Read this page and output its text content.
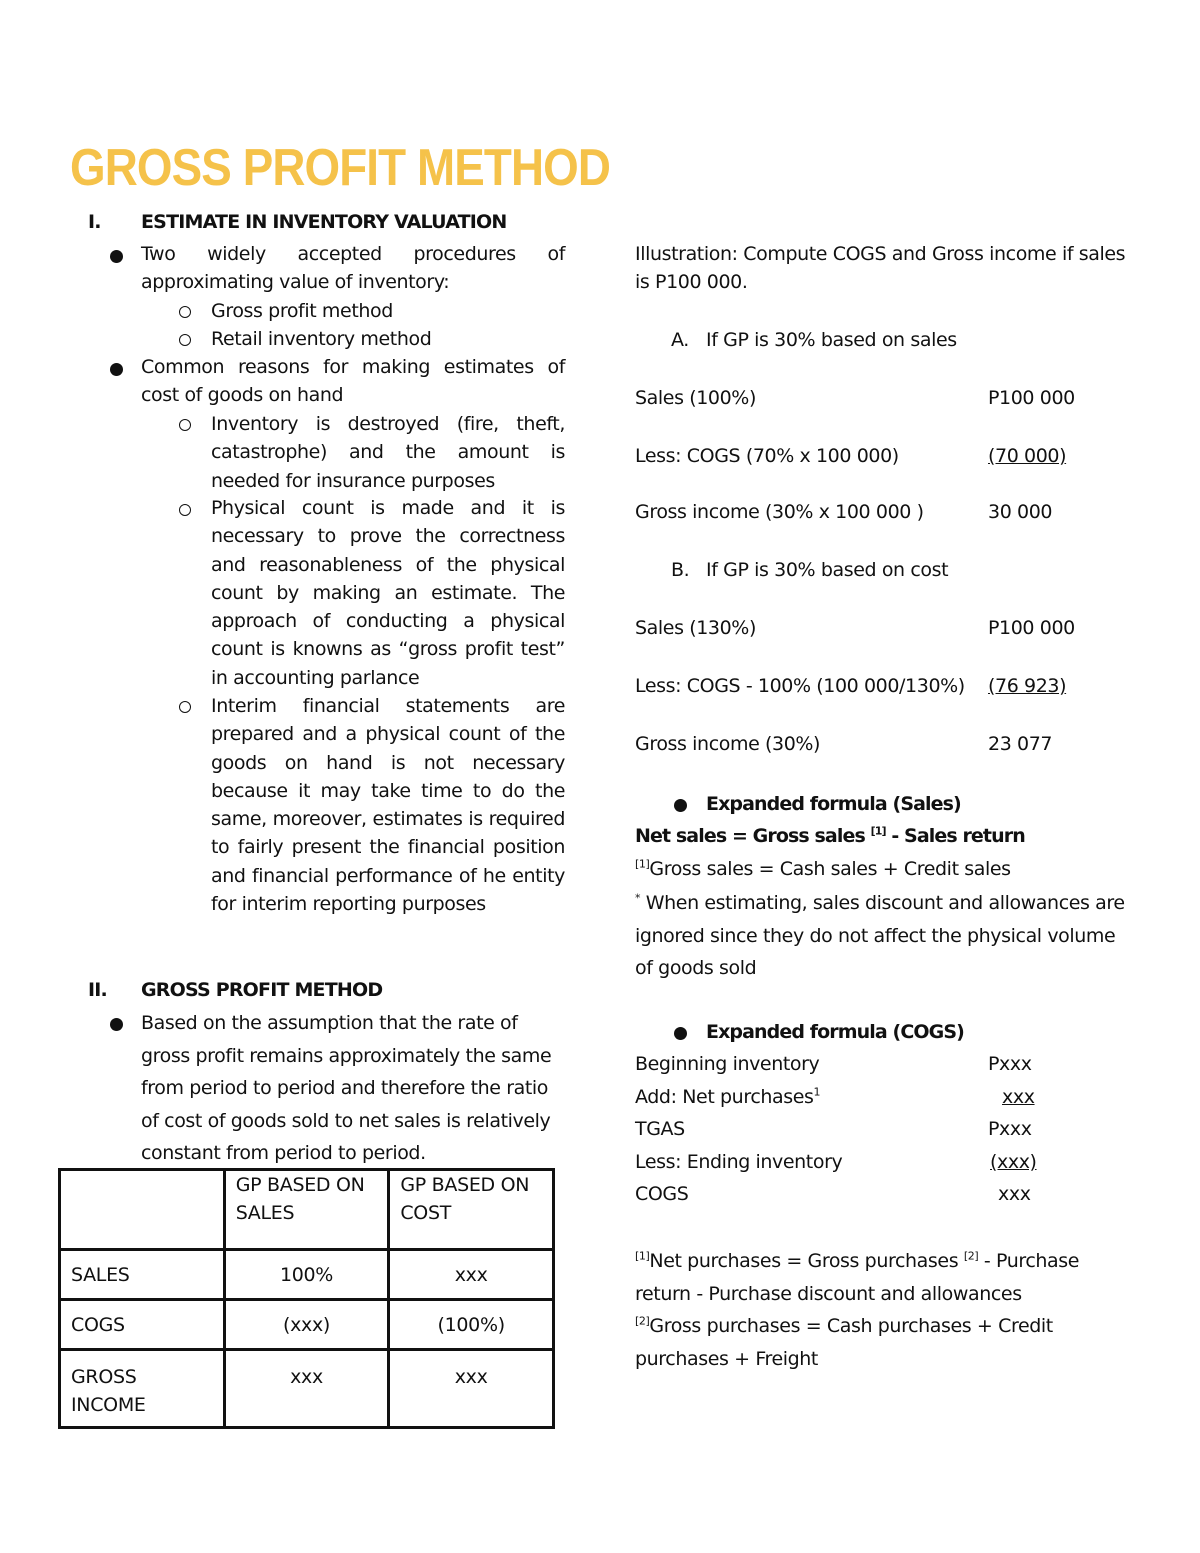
GROSS PROFIT METHOD
I. ESTIMATE IN INVENTORY VALUATION
Two widely accepted procedures of approximating value of inventory:
Gross profit method
Retail inventory method
Common reasons for making estimates of cost of goods on hand
Inventory is destroyed (fire, theft, catastrophe) and the amount is needed for insurance purposes
Physical count is made and it is necessary to prove the correctness and reasonableness of the physical count by making an estimate. The approach of conducting a physical count is knowns as “gross profit test” in accounting parlance
Interim financial statements are prepared and a physical count of the goods on hand is not necessary because it may take time to do the same, moreover, estimates is required to fairly present the financial position and financial performance of he entity for interim reporting purposes
II. GROSS PROFIT METHOD
Based on the assumption that the rate of gross profit remains approximately the same from period to period and therefore the ratio of cost of goods sold to net sales is relatively constant from period to period.
	GP BASED ON SALES	GP BASED ON COST
SALES	100%	xxx
COGS	(xxx)	(100%)
GROSS INCOME	xxx	xxx
Illustration: Compute COGS and Gross income if sales is P100 000.
A. If GP is 30% based on sales
Sales (100%)	P100 000
Less: COGS (70% x 100 000)	(70 000)
Gross income (30% x 100 000 )	30 000
B. If GP is 30% based on cost
Sales (130%)	P100 000
Less: COGS - 100% (100 000/130%) (76 923)
Gross income (30%)	23 077
Expanded formula (Sales)
Net sales = Gross sales [1] - Sales return
[1]Gross sales = Cash sales + Credit sales
* When estimating, sales discount and allowances are ignored since they do not affect the physical volume of goods sold
Expanded formula (COGS)
Beginning inventory	Pxxx
Add: Net purchases$^1$	xxx
TGAS	Pxxx
Less: Ending inventory	(xxx)
COGS	xxx
[1]Net purchases = Gross purchases [2] - Purchase return - Purchase discount and allowances
[2]Gross purchases = Cash purchases + Credit purchases + Freight
